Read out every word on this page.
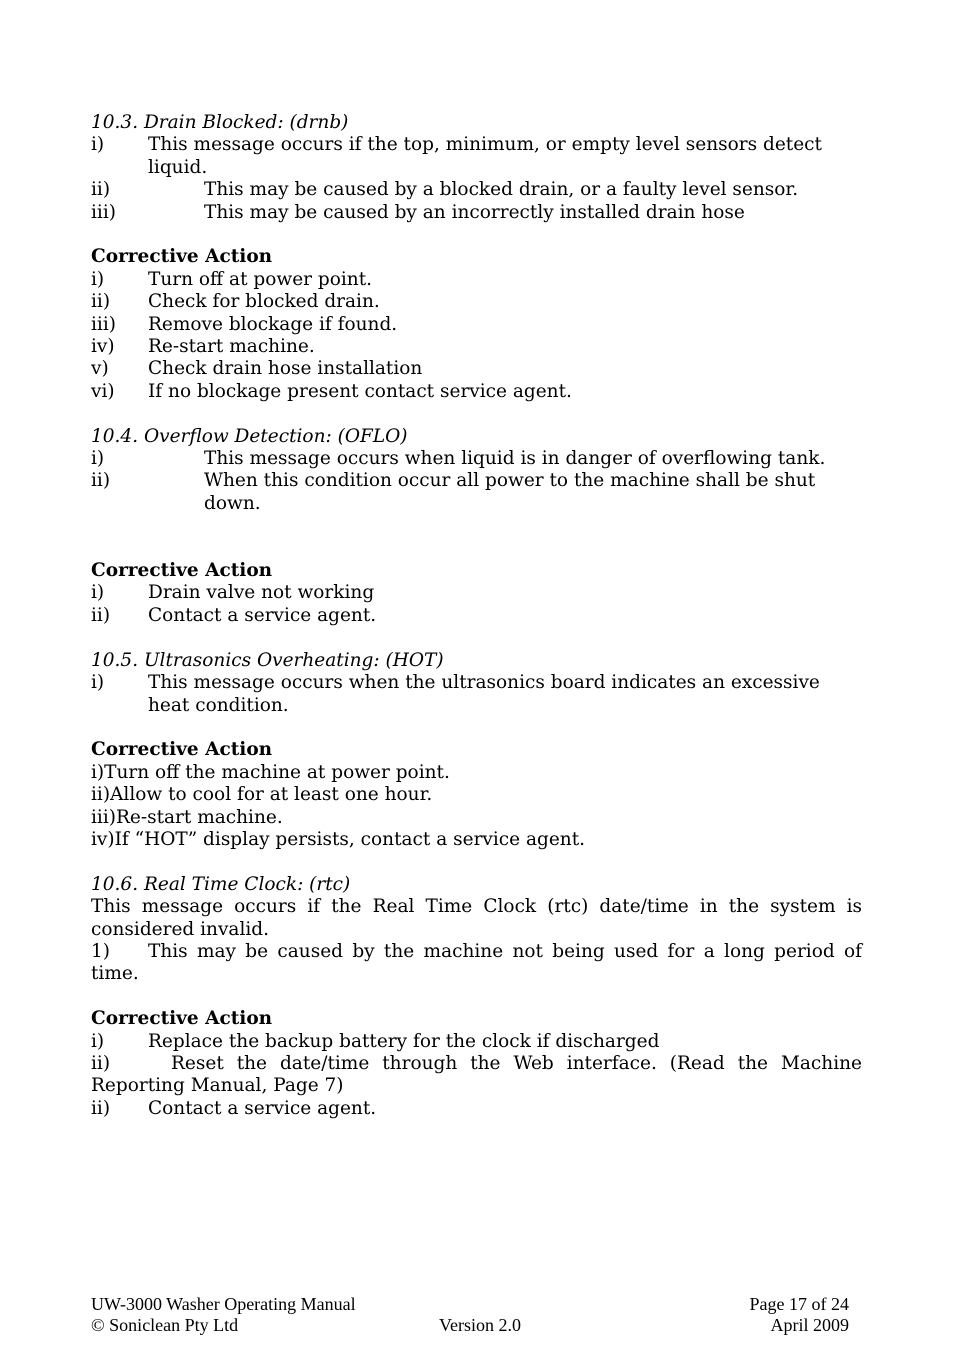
10.3. Drain Blocked: (drnb)
i)	This message occurs if the top, minimum, or empty level sensors detect liquid.
ii)	This may be caused by a blocked drain, or a faulty level sensor.
iii)	This may be caused by an incorrectly installed drain hose
Corrective Action
i)	Turn off at power point.
ii)	Check for blocked drain.
iii)	Remove blockage if found.
iv)	Re-start machine.
v)	Check drain hose installation
vi)	If no blockage present contact service agent.
10.4. Overflow Detection: (OFLO)
i)	This message occurs when liquid is in danger of overflowing tank.
ii)	When this condition occur all power to the machine shall be shut down.
Corrective Action
i)	Drain valve not working
ii)	Contact a service agent.
10.5. Ultrasonics Overheating: (HOT)
i)	This message occurs when the ultrasonics board indicates an excessive heat condition.
Corrective Action
i)Turn off the machine at power point.
ii)Allow to cool for at least one hour.
iii)Re-start machine.
iv)If “HOT” display persists, contact a service agent.
10.6. Real Time Clock: (rtc)
This message occurs if the Real Time Clock (rtc) date/time in the system is considered invalid.
1) This may be caused by the machine not being used for a long period of time.
Corrective Action
i)	Replace the backup battery for the clock if discharged
ii)	Reset the date/time through the Web interface. (Read the Machine Reporting Manual, Page 7)
ii)	Contact a service agent.
UW-3000 Washer Operating Manual	Page 17 of 24
© Soniclean Pty Ltd	Version 2.0	April 2009
